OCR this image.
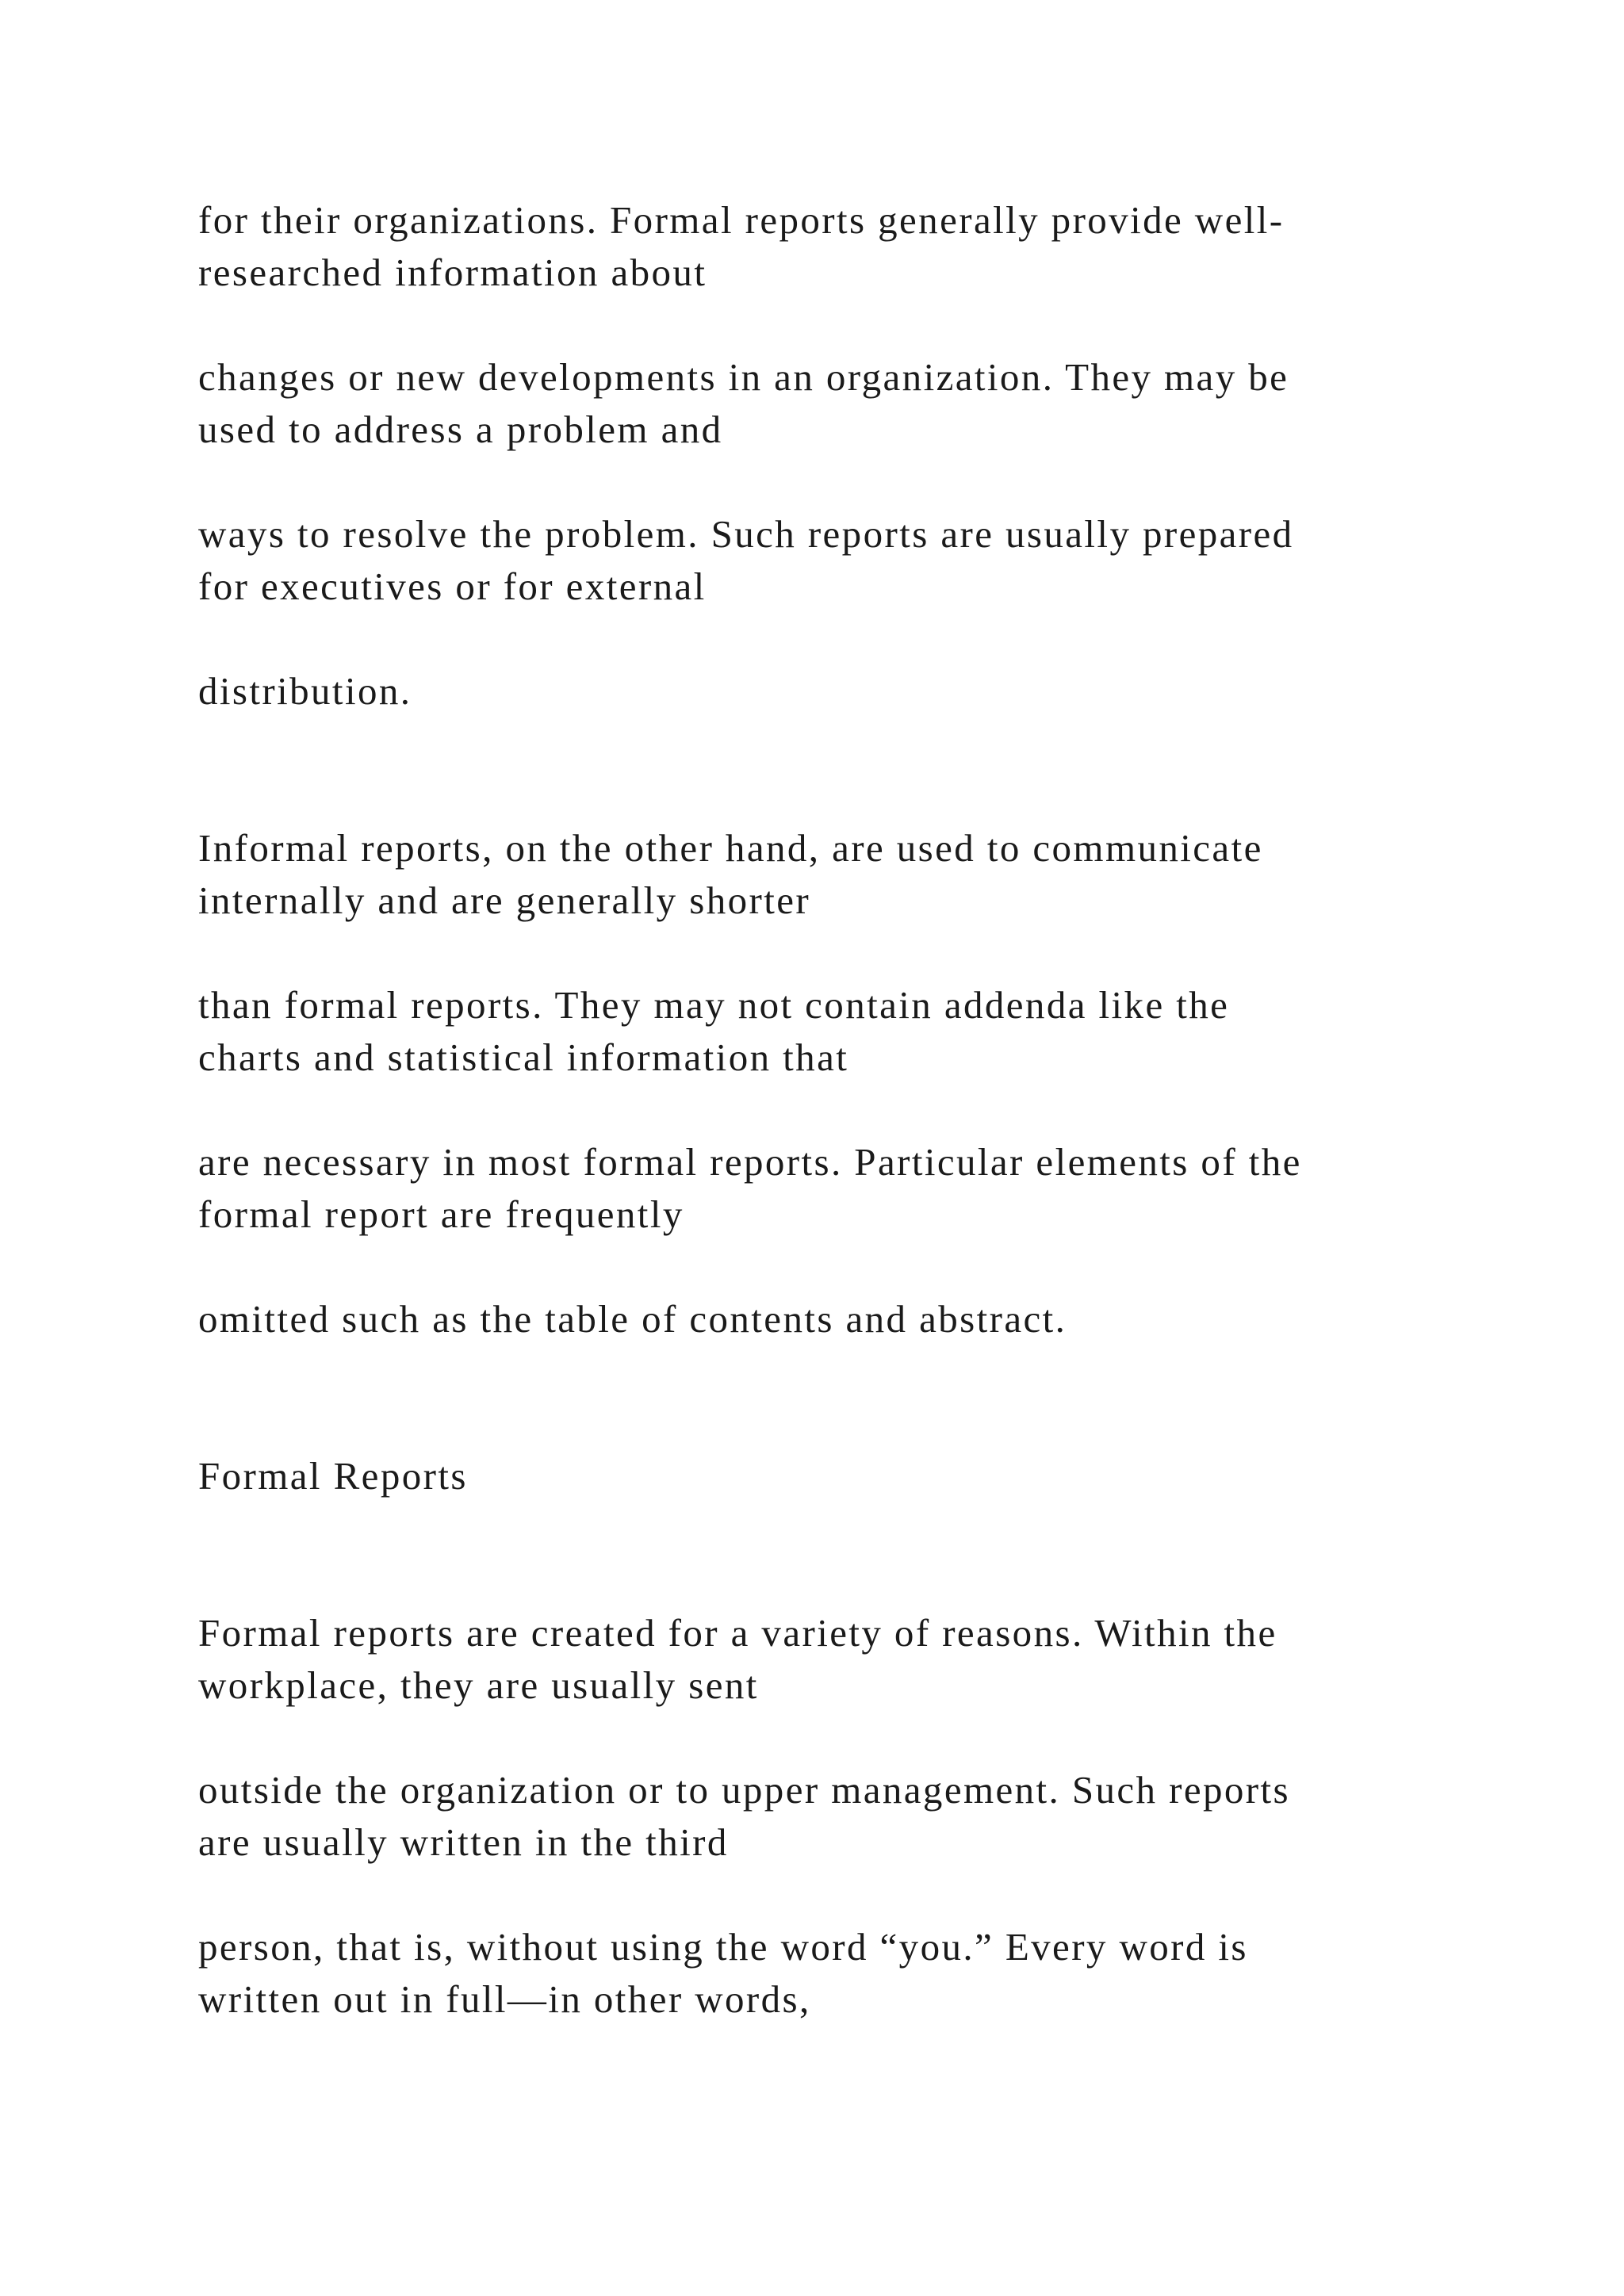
for their organizations. Formal reports generally provide well-
researched information about

changes or new developments in an organization. They may be
used to address a problem and

ways to resolve the problem. Such reports are usually prepared
for executives or for external

distribution.

Informal reports, on the other hand, are used to communicate
internally and are generally shorter

than formal reports. They may not contain addenda like the
charts and statistical information that

are necessary in most formal reports. Particular elements of the
formal report are frequently

omitted such as the table of contents and abstract.

Formal Reports

Formal reports are created for a variety of reasons. Within the
workplace, they are usually sent

outside the organization or to upper management. Such reports
are usually written in the third

person, that is, without using the word “you.” Every word is
written out in full—in other words,
